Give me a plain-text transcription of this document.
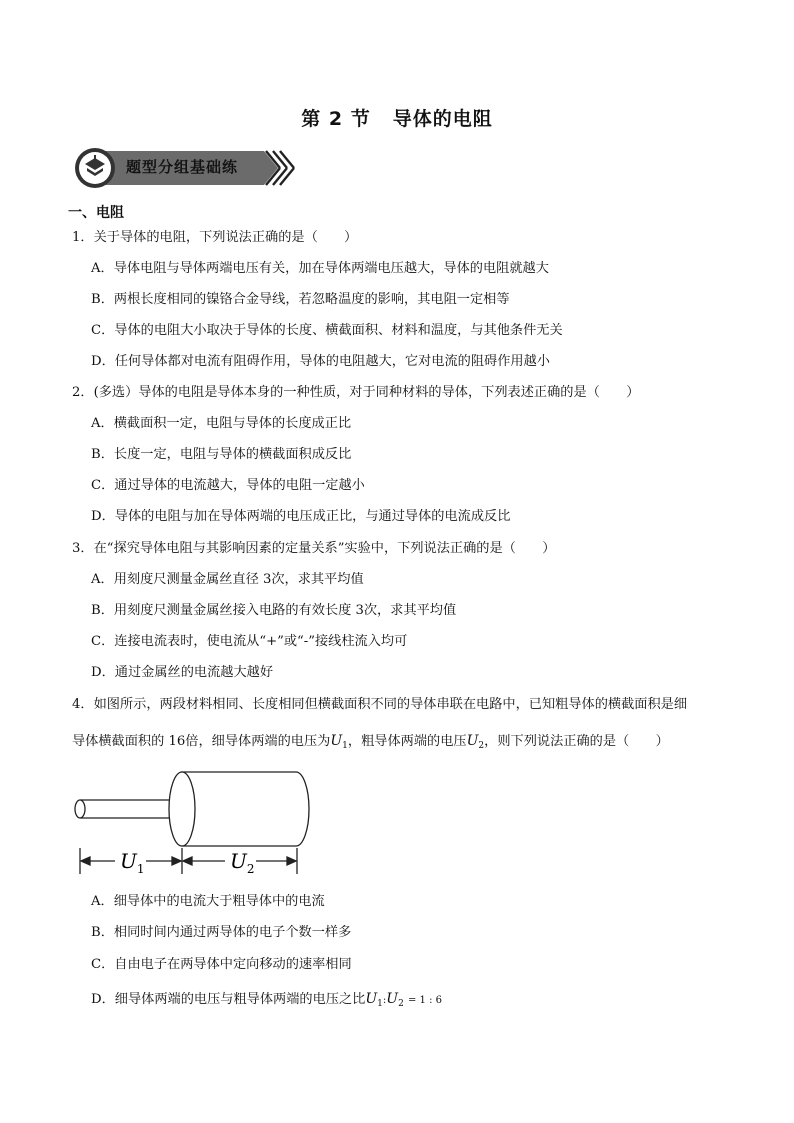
第 2 节 导体的电阻
题型分组基础练
一、电阻
1．关于导体的电阻，下列说法正确的是（　　）
A．导体电阻与导体两端电压有关，加在导体两端电压越大，导体的电阻就越大
B．两根长度相同的镍铬合金导线，若忽略温度的影响，其电阻一定相等
C．导体的电阻大小取决于导体的长度、横截面积、材料和温度，与其他条件无关
D．任何导体都对电流有阻碍作用，导体的电阻越大，它对电流的阻碍作用越小
2．(多选）导体的电阻是导体本身的一种性质，对于同种材料的导体，下列表述正确的是（　　）
A．横截面积一定，电阻与导体的长度成正比
B．长度一定，电阻与导体的横截面积成反比
C．通过导体的电流越大，导体的电阻一定越小
D．导体的电阻与加在导体两端的电压成正比，与通过导体的电流成反比
3．在“探究导体电阻与其影响因素的定量关系”实验中，下列说法正确的是（　　）
A．用刻度尺测量金属丝直径 3次，求其平均值
B．用刻度尺测量金属丝接入电路的有效长度 3次，求其平均值
C．连接电流表时，使电流从“+”或“-”接线柱流入均可
D．通过金属丝的电流越大越好
4．如图所示，两段材料相同、长度相同但横截面积不同的导体串联在电路中，已知粗导体的横截面积是细
导体横截面积的 16倍，细导体两端的电压为$U_1$，粗导体两端的电压$U_2$，则下列说法正确的是（　　）
$U_1$	$U_2$
A．细导体中的电流大于粗导体中的电流
B．相同时间内通过两导体的电子个数一样多
C．自由电子在两导体中定向移动的速率相同
D．细导体两端的电压与粗导体两端的电压之比$U_1:U_2 = 1$ : 6
